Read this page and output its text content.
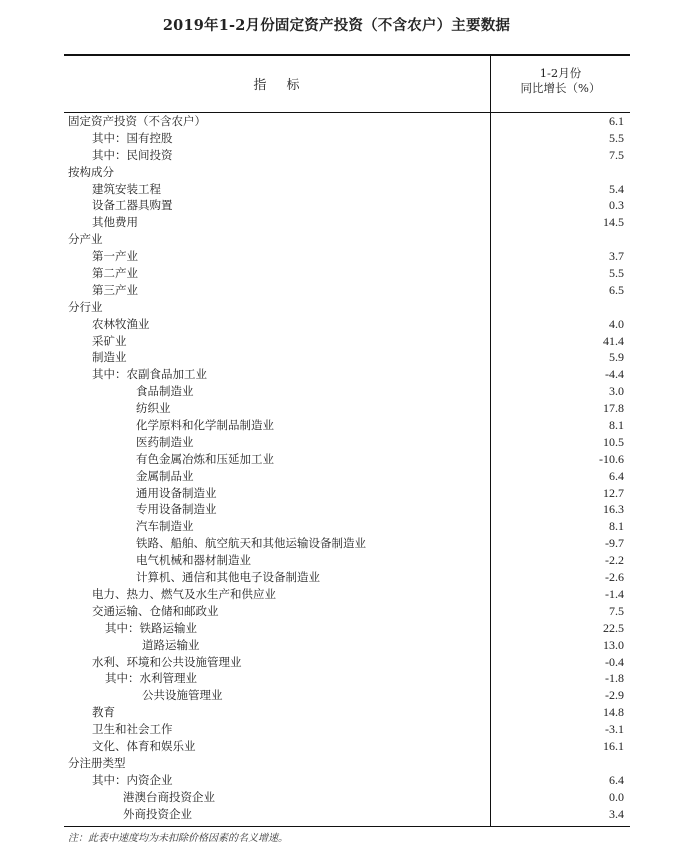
2019年1-2月份固定资产投资（不含农户）主要数据
指 标
1-2月份
同比增长（%）
固定资产投资（不含农户）	6.1
其中：国有控股	5.5
其中：民间投资	7.5
按构成分
建筑安装工程	5.4
设备工器具购置	0.3
其他费用	14.5
分产业
第一产业	3.7
第二产业	5.5
第三产业	6.5
分行业
农林牧渔业	4.0
采矿业	41.4
制造业	5.9
其中：农副食品加工业	-4.4
食品制造业	3.0
纺织业	17.8
化学原料和化学制品制造业	8.1
医药制造业	10.5
有色金属冶炼和压延加工业	-10.6
金属制品业	6.4
通用设备制造业	12.7
专用设备制造业	16.3
汽车制造业	8.1
铁路、船舶、航空航天和其他运输设备制造业	-9.7
电气机械和器材制造业	-2.2
计算机、通信和其他电子设备制造业	-2.6
电力、热力、燃气及水生产和供应业	-1.4
交通运输、仓储和邮政业	7.5
其中：铁路运输业	22.5
道路运输业	13.0
水利、环境和公共设施管理业	-0.4
其中：水利管理业	-1.8
公共设施管理业	-2.9
教育	14.8
卫生和社会工作	-3.1
文化、体育和娱乐业	16.1
分注册类型
其中：内资企业	6.4
港澳台商投资企业	0.0
外商投资企业	3.4
注：此表中速度均为未扣除价格因素的名义增速。
